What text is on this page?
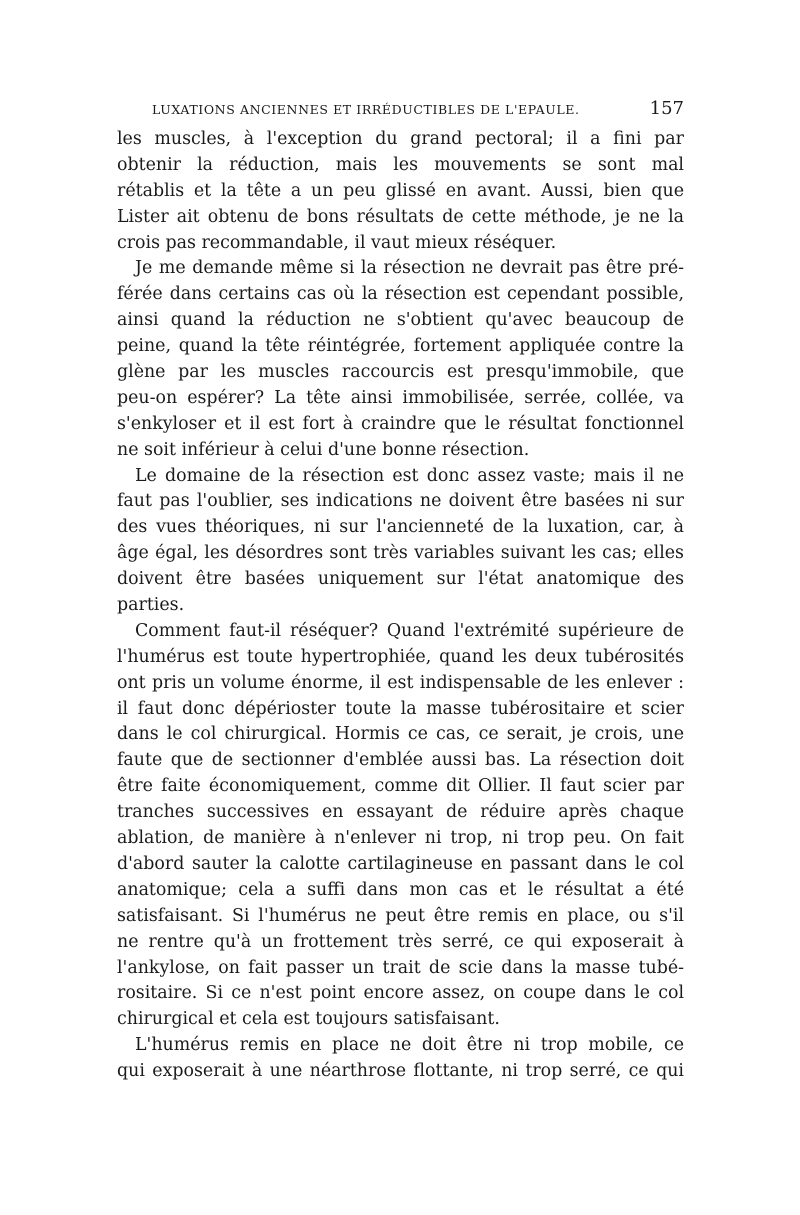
LUXATIONS ANCIENNES ET IRRÉDUCTIBLES DE L'EPAULE.	157
les muscles, à l'exception du grand pectoral; il a fini par
obtenir la réduction, mais les mouvements se sont mal
rétablis et la tête a un peu glissé en avant. Aussi, bien que
Lister ait obtenu de bons résultats de cette méthode, je ne la
crois pas recommandable, il vaut mieux réséquer.
Je me demande même si la résection ne devrait pas être pré-
férée dans certains cas où la résection est cependant possible,
ainsi quand la réduction ne s'obtient qu'avec beaucoup de
peine, quand la tête réintégrée, fortement appliquée contre la
glène par les muscles raccourcis est presqu'immobile, que
peu-on espérer? La tête ainsi immobilisée, serrée, collée, va
s'enkyloser et il est fort à craindre que le résultat fonctionnel
ne soit inférieur à celui d'une bonne résection.
Le domaine de la résection est donc assez vaste; mais il ne
faut pas l'oublier, ses indications ne doivent être basées ni sur
des vues théoriques, ni sur l'ancienneté de la luxation, car, à
âge égal, les désordres sont très variables suivant les cas; elles
doivent être basées uniquement sur l'état anatomique des
parties.
Comment faut-il réséquer? Quand l'extrémité supérieure de
l'humérus est toute hypertrophiée, quand les deux tubérosités
ont pris un volume énorme, il est indispensable de les enlever :
il faut donc dépérioster toute la masse tubérositaire et scier
dans le col chirurgical. Hormis ce cas, ce serait, je crois, une
faute que de sectionner d'emblée aussi bas. La résection doit
être faite économiquement, comme dit Ollier. Il faut scier par
tranches successives en essayant de réduire après chaque
ablation, de manière à n'enlever ni trop, ni trop peu. On fait
d'abord sauter la calotte cartilagineuse en passant dans le col
anatomique; cela a suffi dans mon cas et le résultat a été
satisfaisant. Si l'humérus ne peut être remis en place, ou s'il
ne rentre qu'à un frottement très serré, ce qui exposerait à
l'ankylose, on fait passer un trait de scie dans la masse tubé-
rositaire. Si ce n'est point encore assez, on coupe dans le col
chirurgical et cela est toujours satisfaisant.
L'humérus remis en place ne doit être ni trop mobile, ce
qui exposerait à une néarthrose flottante, ni trop serré, ce qui
